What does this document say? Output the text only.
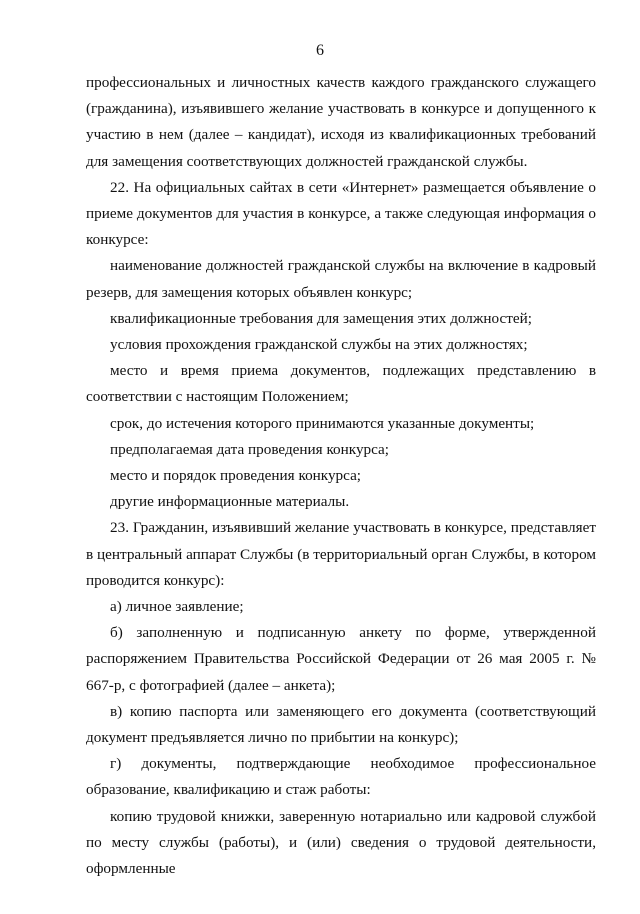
6

профессиональных и личностных качеств каждого гражданского служащего (гражданина), изъявившего желание участвовать в конкурсе и допущенного к участию в нем (далее – кандидат), исходя из квалификационных требований для замещения соответствующих должностей гражданской службы.

22. На официальных сайтах в сети «Интернет» размещается объявление о приеме документов для участия в конкурсе, а также следующая информация о конкурсе:

наименование должностей гражданской службы на включение в кадровый резерв, для замещения которых объявлен конкурс;

квалификационные требования для замещения этих должностей;

условия прохождения гражданской службы на этих должностях;

место и время приема документов, подлежащих представлению в соответствии с настоящим Положением;

срок, до истечения которого принимаются указанные документы;

предполагаемая дата проведения конкурса;

место и порядок проведения конкурса;

другие информационные материалы.

23. Гражданин, изъявивший желание участвовать в конкурсе, представляет в центральный аппарат Службы (в территориальный орган Службы, в котором проводится конкурс):

а) личное заявление;

б) заполненную и подписанную анкету по форме, утвержденной распоряжением Правительства Российской Федерации от 26 мая 2005 г. № 667-р, с фотографией (далее – анкета);

в) копию паспорта или заменяющего его документа (соответствующий документ предъявляется лично по прибытии на конкурс);

г) документы, подтверждающие необходимое профессиональное образование, квалификацию и стаж работы:

копию трудовой книжки, заверенную нотариально или кадровой службой по месту службы (работы), и (или) сведения о трудовой деятельности, оформленные
